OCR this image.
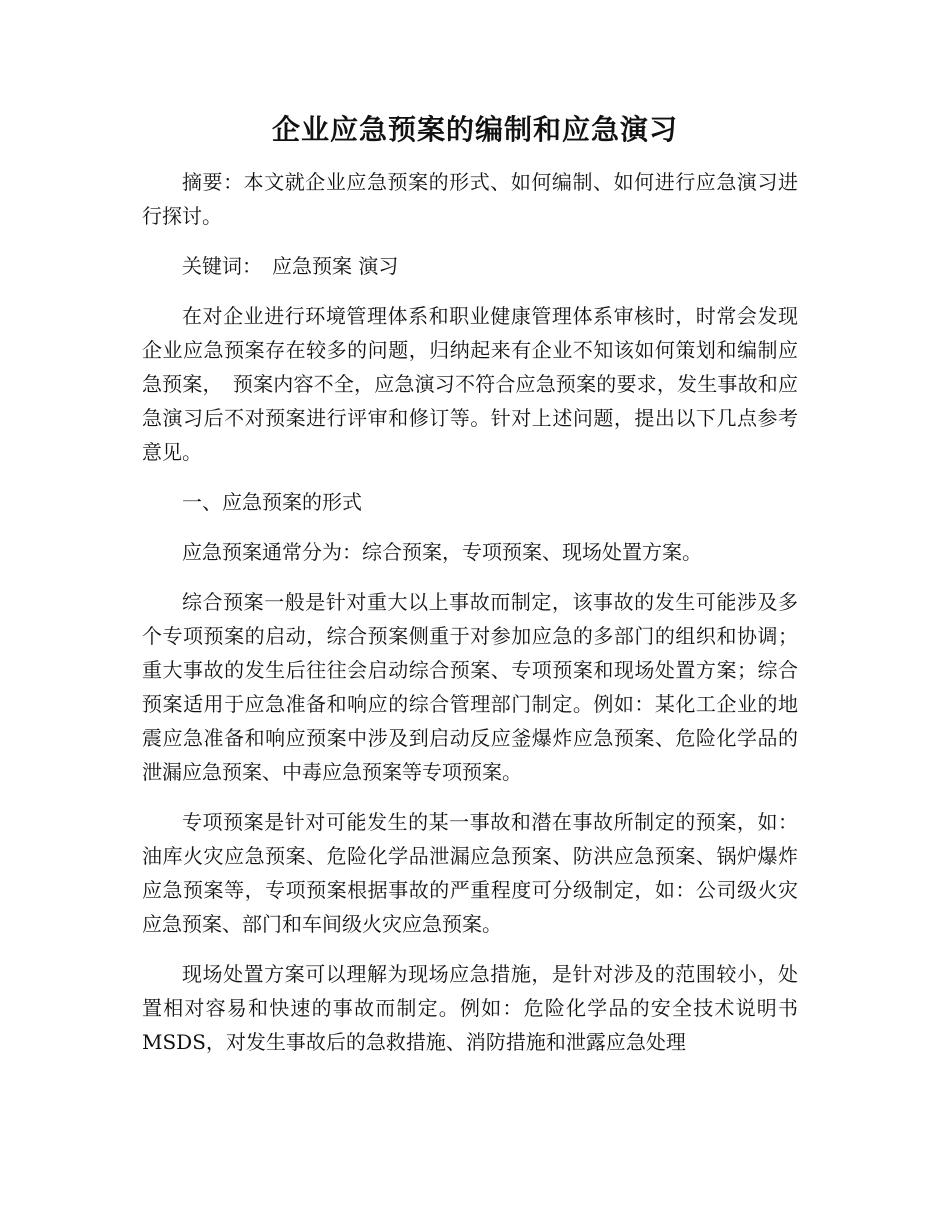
企业应急预案的编制和应急演习

摘要：本文就企业应急预案的形式、如何编制、如何进行应急演习进行探讨。

关键词：　应急预案 演习

在对企业进行环境管理体系和职业健康管理体系审核时，时常会发现企业应急预案存在较多的问题，归纳起来有企业不知该如何策划和编制应急预案，　预案内容不全，应急演习不符合应急预案的要求，发生事故和应急演习后不对预案进行评审和修订等。针对上述问题，提出以下几点参考意见。

一、应急预案的形式

应急预案通常分为：综合预案，专项预案、现场处置方案。

综合预案一般是针对重大以上事故而制定，该事故的发生可能涉及多个专项预案的启动，综合预案侧重于对参加应急的多部门的组织和协调；重大事故的发生后往往会启动综合预案、专项预案和现场处置方案；综合预案适用于应急准备和响应的综合管理部门制定。例如：某化工企业的地震应急准备和响应预案中涉及到启动反应釜爆炸应急预案、危险化学品的泄漏应急预案、中毒应急预案等专项预案。

专项预案是针对可能发生的某一事故和潜在事故所制定的预案，如：油库火灾应急预案、危险化学品泄漏应急预案、防洪应急预案、锅炉爆炸应急预案等，专项预案根据事故的严重程度可分级制定，如：公司级火灾应急预案、部门和车间级火灾应急预案。

现场处置方案可以理解为现场应急措施，是针对涉及的范围较小，处置相对容易和快速的事故而制定。例如：危险化学品的安全技术说明书MSDS，对发生事故后的急救措施、消防措施和泄露应急处理
